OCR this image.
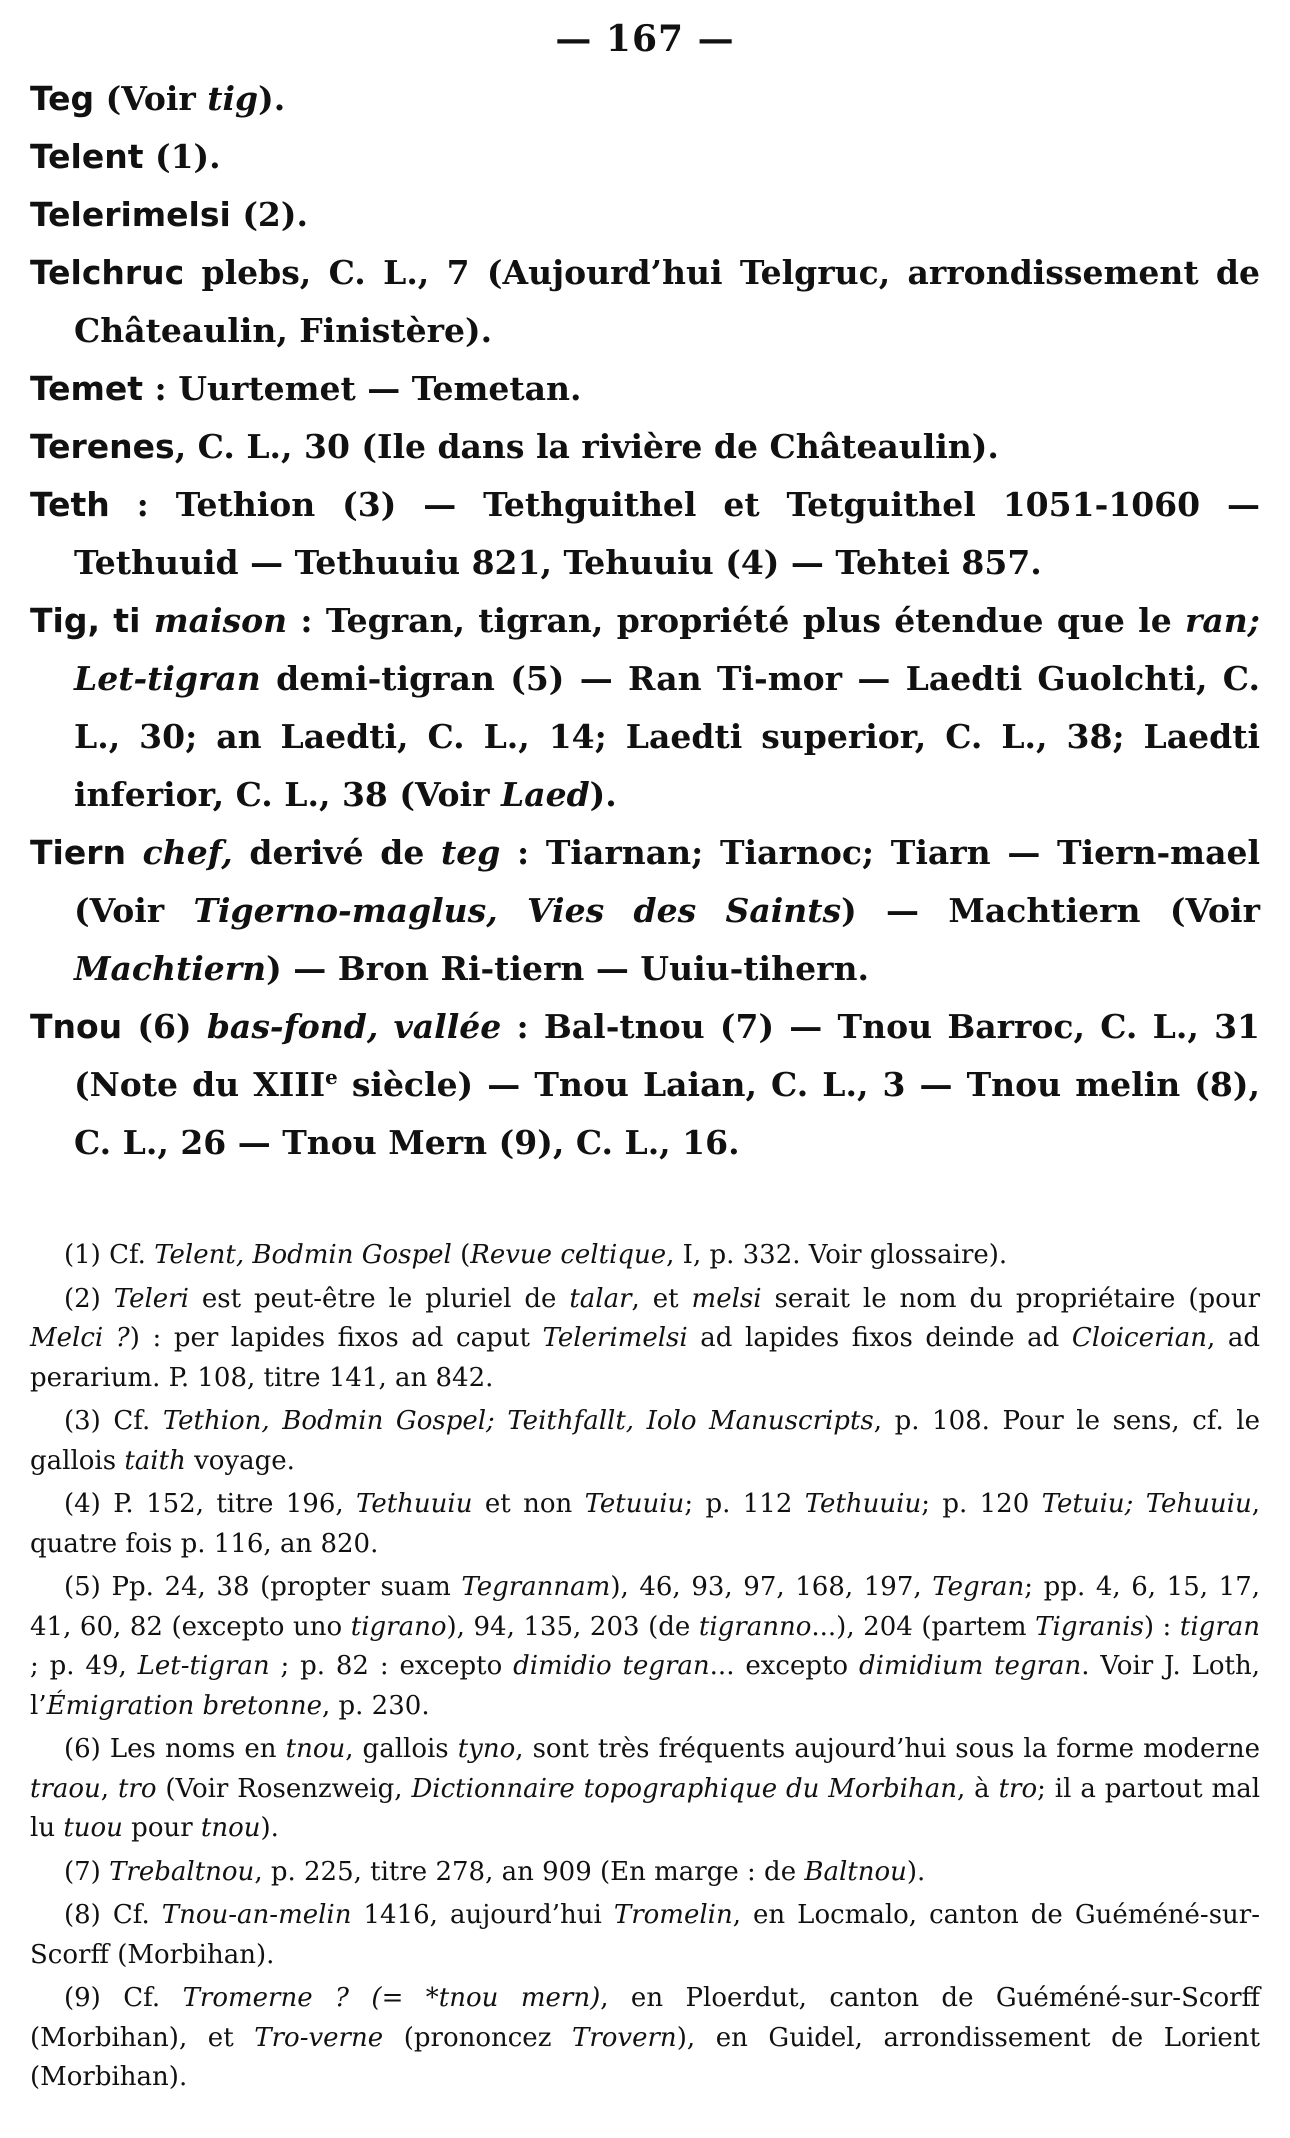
— 167 —

Teg (Voir tig).

Telent (1).

Telerimelsi (2).

Telchruc plebs, C. L., 7 (Aujourd’hui Telgruc, arrondissement de Châteaulin, Finistère).

Temet : Uurtemet — Temetan.

Terenes, C. L., 30 (Ile dans la rivière de Châteaulin).

Teth : Tethion (3) — Tethguithel et Tetguithel 1051-1060 — Tethuuid — Tethuuiu 821, Tehuuiu (4) — Tehtei 857.

Tig, ti maison : Tegran, tigran, propriété plus étendue que le ran; Let-tigran demi-tigran (5) — Ran Ti-mor — Laedti Guolchti, C. L., 30; an Laedti, C. L., 14; Laedti superior, C. L., 38; Laedti inferior, C. L., 38 (Voir Laed).

Tiern chef, derivé de teg : Tiarnan; Tiarnoc; Tiarn — Tiern-mael (Voir Tigerno-maglus, Vies des Saints) — Machtiern (Voir Machtiern) — Bron Ri-tiern — Uuiu-tihern.

Tnou (6) bas-fond, vallée : Bal-tnou (7) — Tnou Barroc, C. L., 31 (Note du XIIIe siècle) — Tnou Laian, C. L., 3 — Tnou melin (8), C. L., 26 — Tnou Mern (9), C. L., 16.

(1) Cf. Telent, Bodmin Gospel (Revue celtique, I, p. 332. Voir glossaire).

(2) Teleri est peut-être le pluriel de talar, et melsi serait le nom du propriétaire (pour Melci ?) : per lapides fixos ad caput Telerimelsi ad lapides fixos deinde ad Cloicerian, ad perarium. P. 108, titre 141, an 842.

(3) Cf. Tethion, Bodmin Gospel; Teithfallt, Iolo Manuscripts, p. 108. Pour le sens, cf. le gallois taith voyage.

(4) P. 152, titre 196, Tethuuiu et non Tetuuiu; p. 112 Tethuuiu; p. 120 Tetuiu; Tehuuiu, quatre fois p. 116, an 820.

(5) Pp. 24, 38 (propter suam Tegrannam), 46, 93, 97, 168, 197, Tegran; pp. 4, 6, 15, 17, 41, 60, 82 (excepto uno tigrano), 94, 135, 203 (de tigranno...), 204 (partem Tigranis) : tigran ; p. 49, Let-tigran ; p. 82 : excepto dimidio tegran... excepto dimidium tegran. Voir J. Loth, l’Émigration bretonne, p. 230.

(6) Les noms en tnou, gallois tyno, sont très fréquents aujourd’hui sous la forme moderne traou, tro (Voir Rosenzweig, Dictionnaire topographique du Morbihan, à tro; il a partout mal lu tuou pour tnou).

(7) Trebaltnou, p. 225, titre 278, an 909 (En marge : de Baltnou).

(8) Cf. Tnou-an-melin 1416, aujourd’hui Tromelin, en Locmalo, canton de Guéméné-sur-Scorff (Morbihan).

(9) Cf. Tromerne ? (= *tnou mern), en Ploerdut, canton de Guéméné-sur-Scorff (Morbihan), et Tro-verne (prononcez Trovern), en Guidel, arrondissement de Lorient (Morbihan).
